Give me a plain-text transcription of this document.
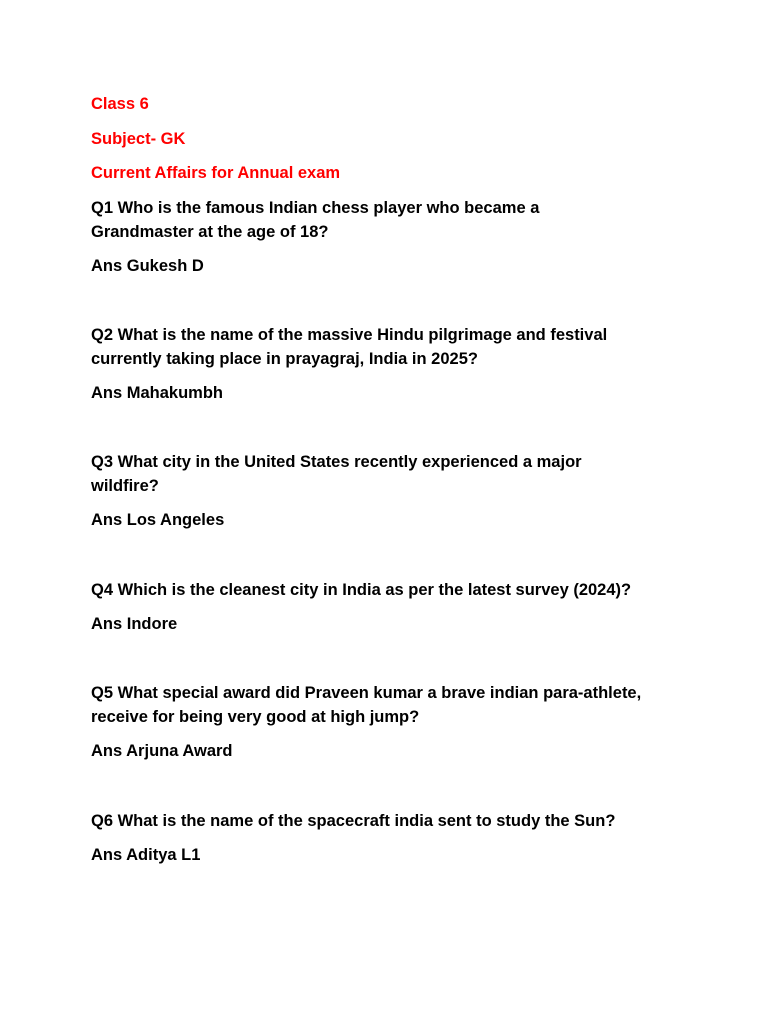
Class 6

Subject- GK

Current Affairs for Annual exam

Q1 Who is the famous Indian chess player who became a

Grandmaster at the age of 18?

Ans Gukesh D

Q2 What is the name of the massive Hindu pilgrimage and festival

currently taking place in prayagraj, India in 2025?

Ans Mahakumbh

Q3 What city in the United States recently experienced a major

wildfire?

Ans Los Angeles

Q4 Which is the cleanest city in India as per the latest survey (2024)?

Ans Indore

Q5 What special award did Praveen kumar a brave indian para-athlete,

receive for being very good at high jump?

Ans Arjuna Award

Q6 What is the name of the spacecraft india sent to study the Sun?

Ans Aditya L1
